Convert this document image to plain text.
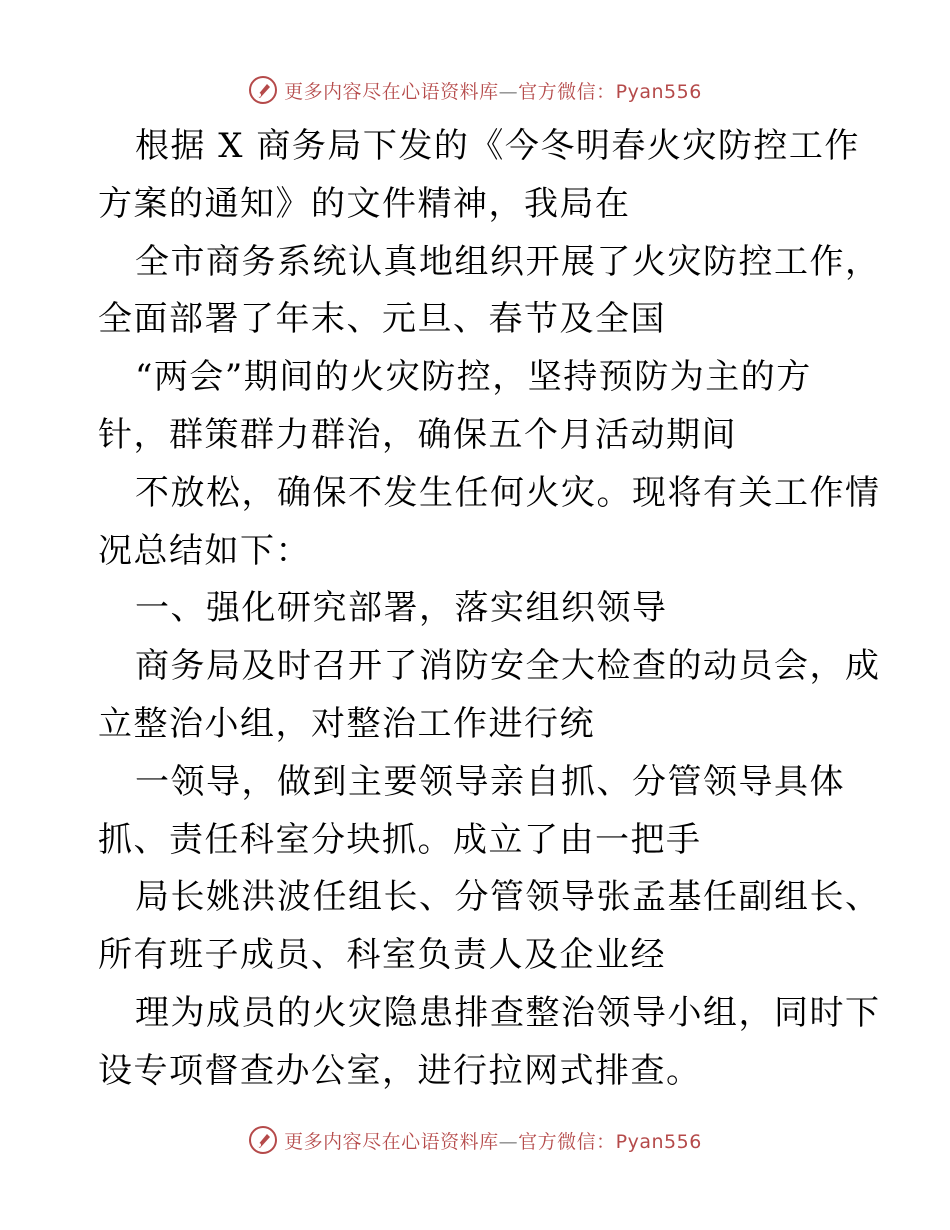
更多内容尽在心语资料库—官方微信：Pyan556
根据 X 商务局下发的《今冬明春火灾防控工作
方案的通知》的文件精神，我局在
全市商务系统认真地组织开展了火灾防控工作，
全面部署了年末、元旦、春节及全国
“两会”期间的火灾防控，坚持预防为主的方
针，群策群力群治，确保五个月活动期间
不放松，确保不发生任何火灾。现将有关工作情
况总结如下：
一、强化研究部署，落实组织领导
商务局及时召开了消防安全大检查的动员会，成
立整治小组，对整治工作进行统
一领导，做到主要领导亲自抓、分管领导具体
抓、责任科室分块抓。成立了由一把手
局长姚洪波任组长、分管领导张孟基任副组长、
所有班子成员、科室负责人及企业经
理为成员的火灾隐患排查整治领导小组，同时下
设专项督查办公室，进行拉网式排查。
更多内容尽在心语资料库—官方微信：Pyan556
